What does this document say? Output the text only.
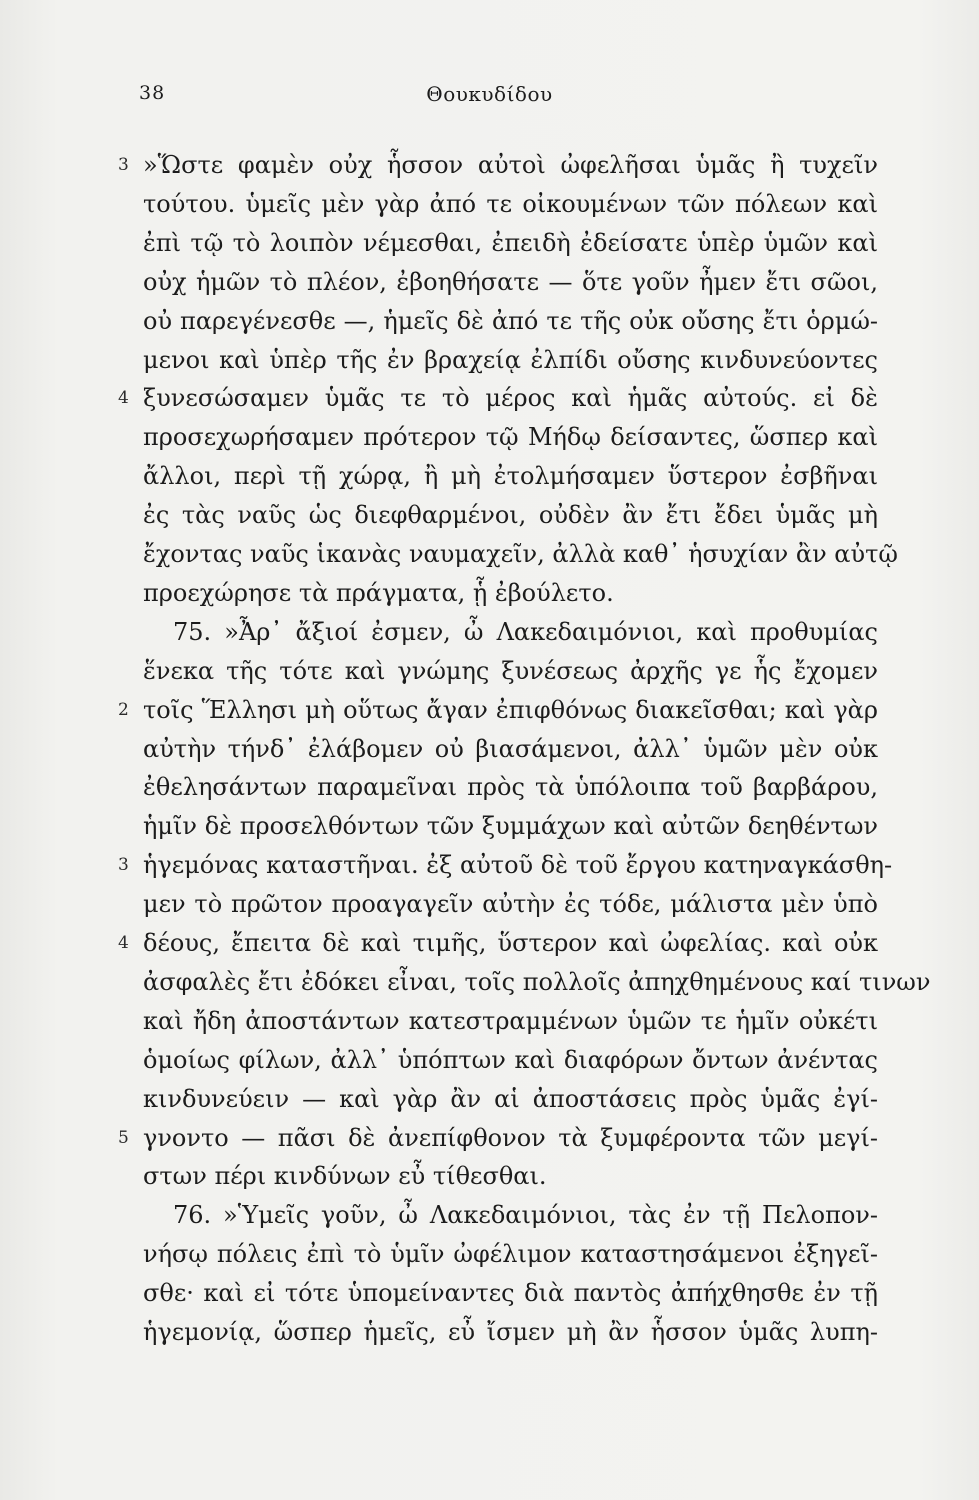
38	Θουκυδίδου
3 »Ὥστε φαμὲν οὐχ ἧσσον αὐτοὶ ὠφελῆσαι ὑμᾶς ἢ τυχεῖν
τούτου. ὑμεῖς μὲν γὰρ ἀπό τε οἰκουμένων τῶν πόλεων καὶ
ἐπὶ τῷ τὸ λοιπὸν νέμεσθαι, ἐπειδὴ ἐδείσατε ὑπὲρ ὑμῶν καὶ
οὐχ ἡμῶν τὸ πλέον, ἐβοηθήσατε — ὅτε γοῦν ἦμεν ἔτι σῶοι,
οὐ παρεγένεσθε —, ἡμεῖς δὲ ἀπό τε τῆς οὐκ οὔσης ἔτι ὁρμώ-
μενοι καὶ ὑπὲρ τῆς ἐν βραχείᾳ ἐλπίδι οὔσης κινδυνεύοντες
4 ξυνεσώσαμεν ὑμᾶς τε τὸ μέρος καὶ ἡμᾶς αὐτούς. εἰ δὲ
προσεχωρήσαμεν πρότερον τῷ Μήδῳ δείσαντες, ὥσπερ καὶ
ἄλλοι, περὶ τῇ χώρᾳ, ἢ μὴ ἐτολμήσαμεν ὕστερον ἐσβῆναι
ἐς τὰς ναῦς ὡς διεφθαρμένοι, οὐδὲν ἂν ἔτι ἔδει ὑμᾶς μὴ
ἔχοντας ναῦς ἱκανὰς ναυμαχεῖν, ἀλλὰ καθ᾽ ἡσυχίαν ἂν αὐτῷ
προεχώρησε τὰ πράγματα, ᾗ ἐβούλετο.
75. »Ἆρ᾽ ἄξιοί ἐσμεν, ὦ Λακεδαιμόνιοι, καὶ προθυμίας
ἕνεκα τῆς τότε καὶ γνώμης ξυνέσεως ἀρχῆς γε ἧς ἔχομεν
2 τοῖς Ἕλλησι μὴ οὕτως ἄγαν ἐπιφθόνως διακεῖσθαι; καὶ γὰρ
αὐτὴν τήνδ᾽ ἐλάβομεν οὐ βιασάμενοι, ἀλλ᾽ ὑμῶν μὲν οὐκ
ἐθελησάντων παραμεῖναι πρὸς τὰ ὑπόλοιπα τοῦ βαρβάρου,
ἡμῖν δὲ προσελθόντων τῶν ξυμμάχων καὶ αὐτῶν δεηθέντων
3 ἡγεμόνας καταστῆναι. ἐξ αὐτοῦ δὲ τοῦ ἔργου κατηναγκάσθη-
μεν τὸ πρῶτον προαγαγεῖν αὐτὴν ἐς τόδε, μάλιστα μὲν ὑπὸ
4 δέους, ἔπειτα δὲ καὶ τιμῆς, ὕστερον καὶ ὠφελίας. καὶ οὐκ
ἀσφαλὲς ἔτι ἐδόκει εἶναι, τοῖς πολλοῖς ἀπηχθημένους καί τινων
καὶ ἤδη ἀποστάντων κατεστραμμένων ὑμῶν τε ἡμῖν οὐκέτι
ὁμοίως φίλων, ἀλλ᾽ ὑπόπτων καὶ διαφόρων ὄντων ἀνέντας
κινδυνεύειν — καὶ γὰρ ἂν αἱ ἀποστάσεις πρὸς ὑμᾶς ἐγί-
5 γνοντο — πᾶσι δὲ ἀνεπίφθονον τὰ ξυμφέροντα τῶν μεγί-
στων πέρι κινδύνων εὖ τίθεσθαι.
76. »Ὑμεῖς γοῦν, ὦ Λακεδαιμόνιοι, τὰς ἐν τῇ Πελοπον-
νήσῳ πόλεις ἐπὶ τὸ ὑμῖν ὠφέλιμον καταστησάμενοι ἐξηγεῖ-
σθε· καὶ εἰ τότε ὑπομείναντες διὰ παντὸς ἀπήχθησθε ἐν τῇ
ἡγεμονίᾳ, ὥσπερ ἡμεῖς, εὖ ἴσμεν μὴ ἂν ἧσσον ὑμᾶς λυπη-
